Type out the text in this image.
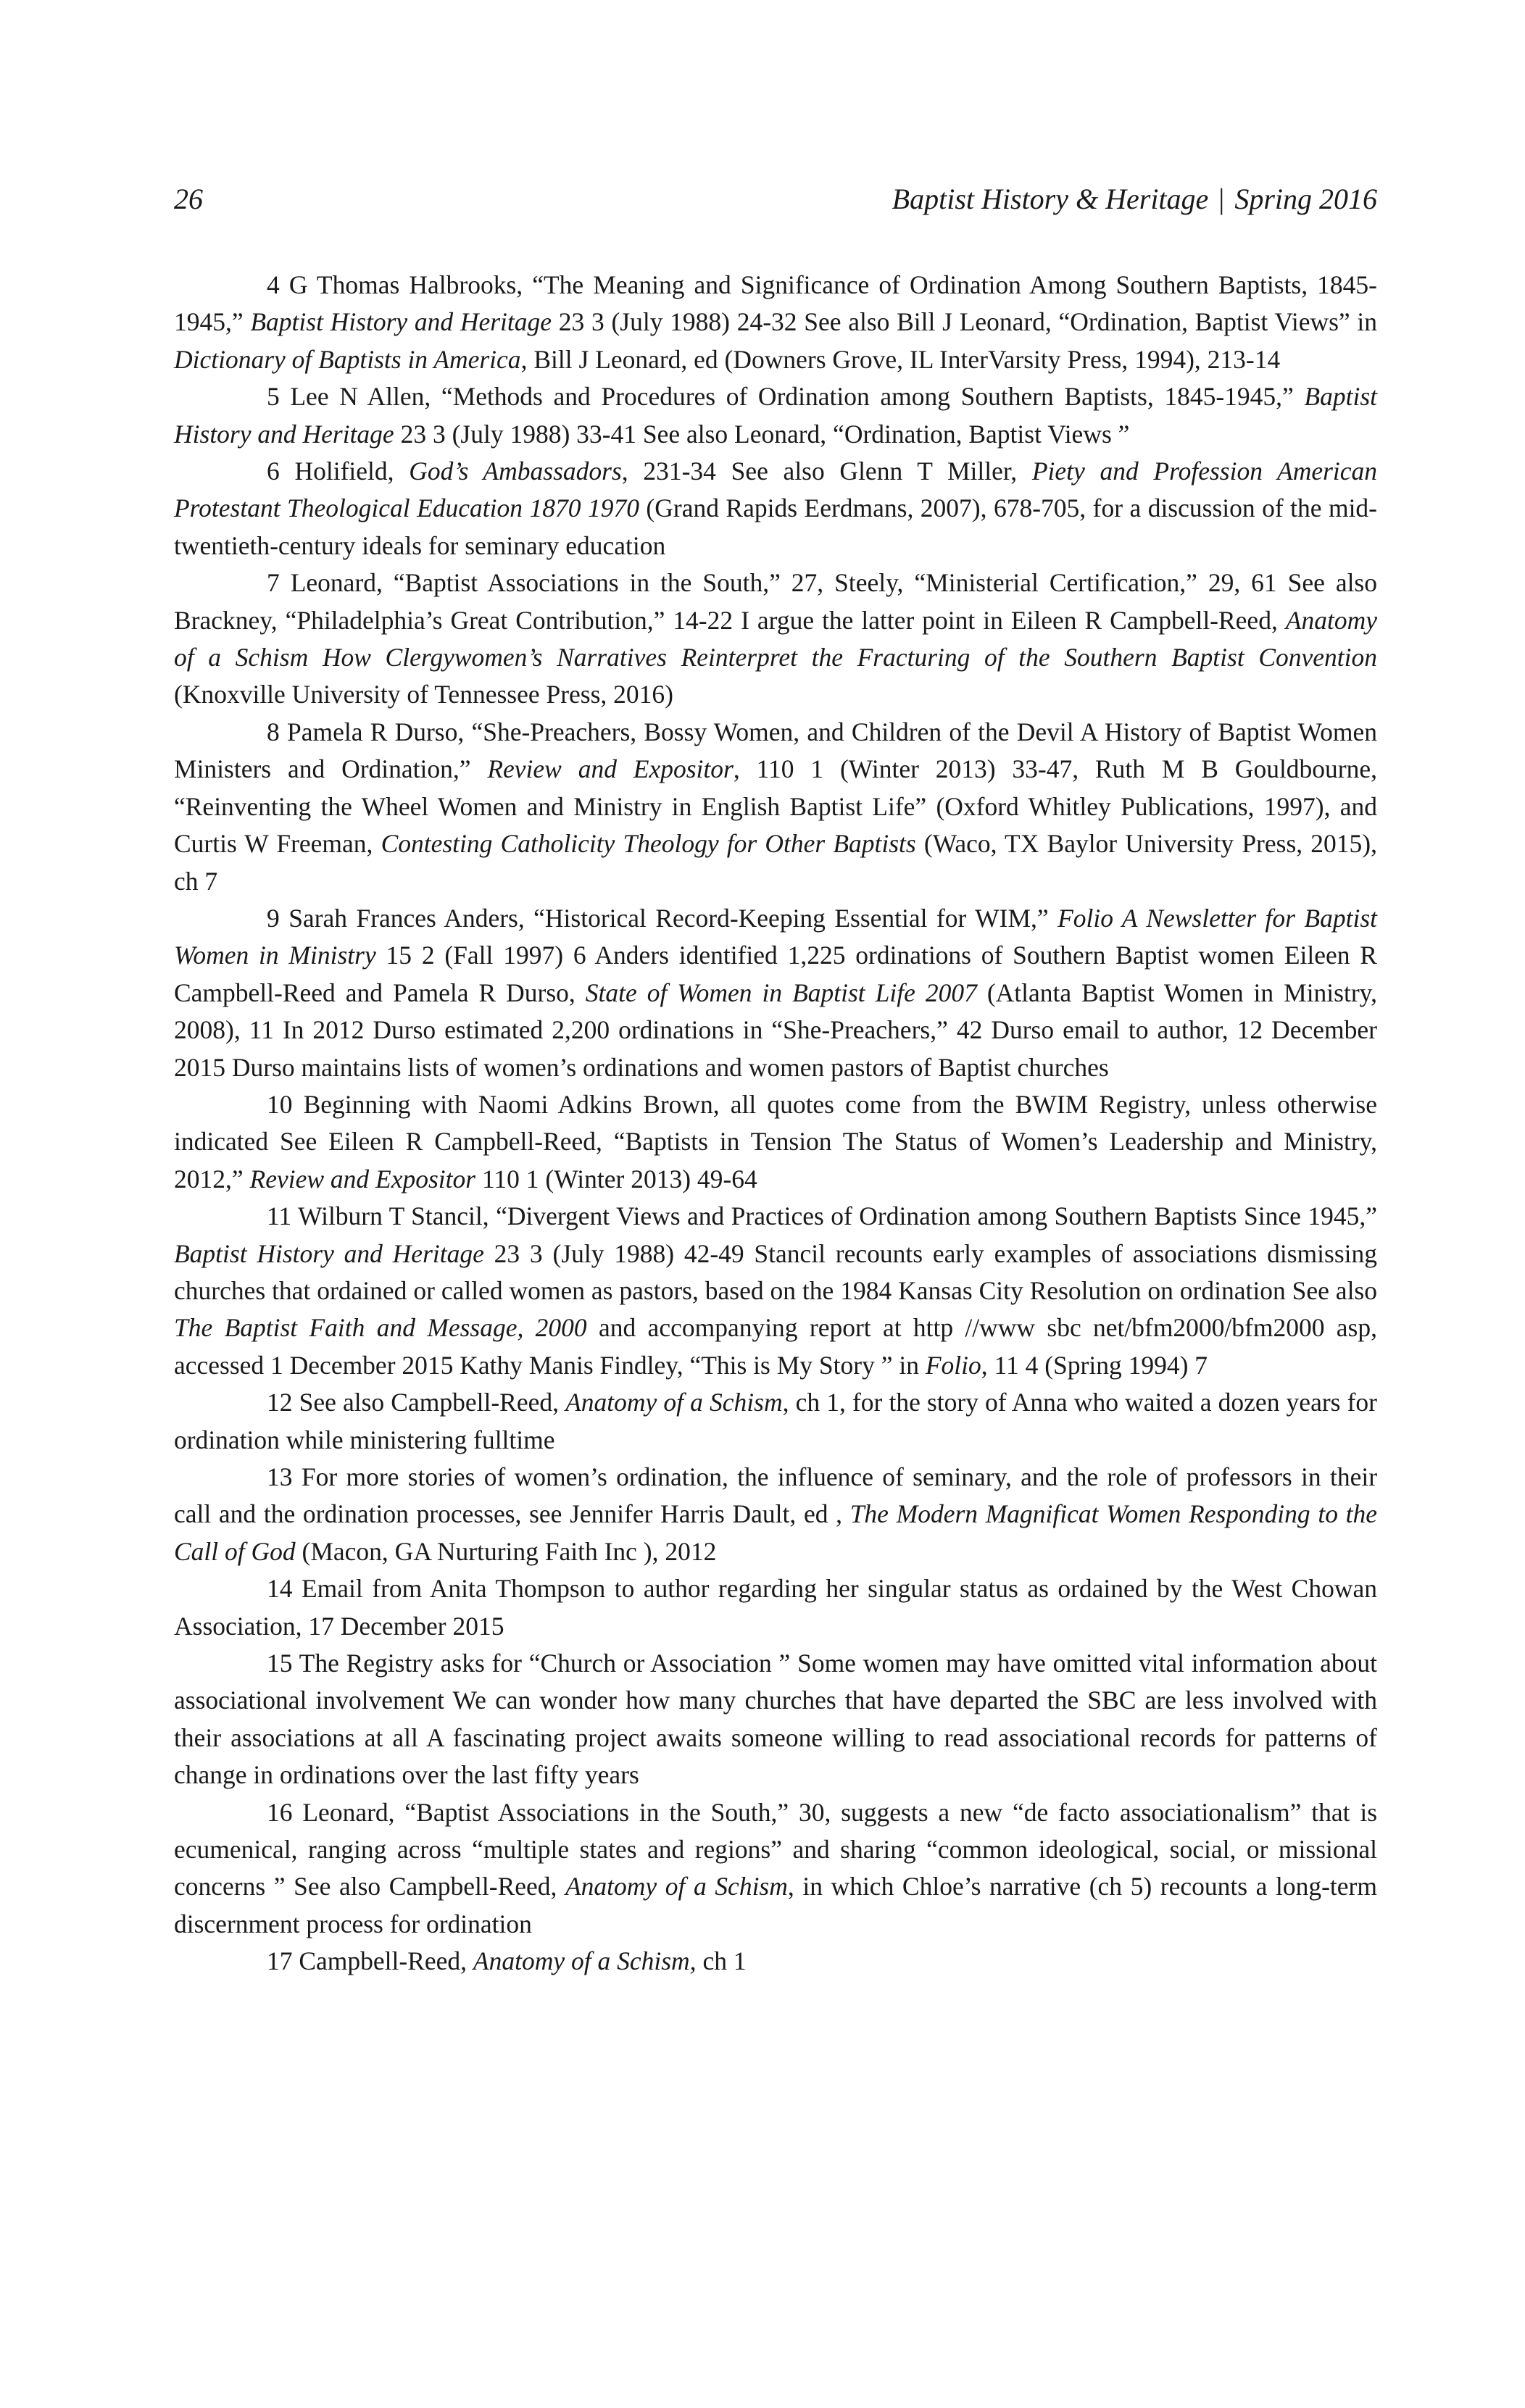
26	Baptist History & Heritage | Spring 2016

4 G Thomas Halbrooks, “The Meaning and Significance of Ordination Among Southern Baptists, 1845-1945,” Baptist History and Heritage 23 3 (July 1988) 24-32 See also Bill J Leonard, “Ordination, Baptist Views” in Dictionary of Baptists in America, Bill J Leonard, ed (Downers Grove, IL InterVarsity Press, 1994), 213-14

5 Lee N Allen, “Methods and Procedures of Ordination among Southern Baptists, 1845-1945,” Baptist History and Heritage 23 3 (July 1988) 33-41 See also Leonard, “Ordination, Baptist Views ”

6 Holifield, God’s Ambassadors, 231-34 See also Glenn T Miller, Piety and Profession American Protestant Theological Education 1870 1970 (Grand Rapids Eerdmans, 2007), 678-705, for a discussion of the mid-twentieth-century ideals for seminary education

7 Leonard, “Baptist Associations in the South,” 27, Steely, “Ministerial Certification,” 29, 61 See also Brackney, “Philadelphia’s Great Contribution,” 14-22 I argue the latter point in Eileen R Campbell-Reed, Anatomy of a Schism How Clergywomen’s Narratives Reinterpret the Fracturing of the Southern Baptist Convention (Knoxville University of Tennessee Press, 2016)

8 Pamela R Durso, “She-Preachers, Bossy Women, and Children of the Devil A History of Baptist Women Ministers and Ordination,” Review and Expositor, 110 1 (Winter 2013) 33-47, Ruth M B Gouldbourne, “Reinventing the Wheel Women and Ministry in English Baptist Life” (Oxford Whitley Publications, 1997), and Curtis W Freeman, Contesting Catholicity Theology for Other Baptists (Waco, TX Baylor University Press, 2015), ch 7

9 Sarah Frances Anders, “Historical Record-Keeping Essential for WIM,” Folio A Newsletter for Baptist Women in Ministry 15 2 (Fall 1997) 6 Anders identified 1,225 ordinations of Southern Baptist women Eileen R Campbell-Reed and Pamela R Durso, State of Women in Baptist Life 2007 (Atlanta Baptist Women in Ministry, 2008), 11 In 2012 Durso estimated 2,200 ordinations in “She-Preachers,” 42 Durso email to author, 12 December 2015 Durso maintains lists of women’s ordinations and women pastors of Baptist churches

10 Beginning with Naomi Adkins Brown, all quotes come from the BWIM Registry, unless otherwise indicated See Eileen R Campbell-Reed, “Baptists in Tension The Status of Women’s Leadership and Ministry, 2012,” Review and Expositor 110 1 (Winter 2013) 49-64

11 Wilburn T Stancil, “Divergent Views and Practices of Ordination among Southern Baptists Since 1945,” Baptist History and Heritage 23 3 (July 1988) 42-49 Stancil recounts early examples of associations dismissing churches that ordained or called women as pastors, based on the 1984 Kansas City Resolution on ordination See also The Baptist Faith and Message, 2000 and accompanying report at http //www sbc net/bfm2000/bfm2000 asp, accessed 1 December 2015 Kathy Manis Findley, “This is My Story ” in Folio, 11 4 (Spring 1994) 7

12 See also Campbell-Reed, Anatomy of a Schism, ch 1, for the story of Anna who waited a dozen years for ordination while ministering fulltime

13 For more stories of women’s ordination, the influence of seminary, and the role of professors in their call and the ordination processes, see Jennifer Harris Dault, ed , The Modern Magnificat Women Responding to the Call of God (Macon, GA Nurturing Faith Inc ), 2012

14 Email from Anita Thompson to author regarding her singular status as ordained by the West Chowan Association, 17 December 2015

15 The Registry asks for “Church or Association ” Some women may have omitted vital information about associational involvement We can wonder how many churches that have departed the SBC are less involved with their associations at all A fascinating project awaits someone willing to read associational records for patterns of change in ordinations over the last fifty years

16 Leonard, “Baptist Associations in the South,” 30, suggests a new “de facto associationalism” that is ecumenical, ranging across “multiple states and regions” and sharing “common ideological, social, or missional concerns ” See also Campbell-Reed, Anatomy of a Schism, in which Chloe’s narrative (ch 5) recounts a long-term discernment process for ordination

17 Campbell-Reed, Anatomy of a Schism, ch 1
